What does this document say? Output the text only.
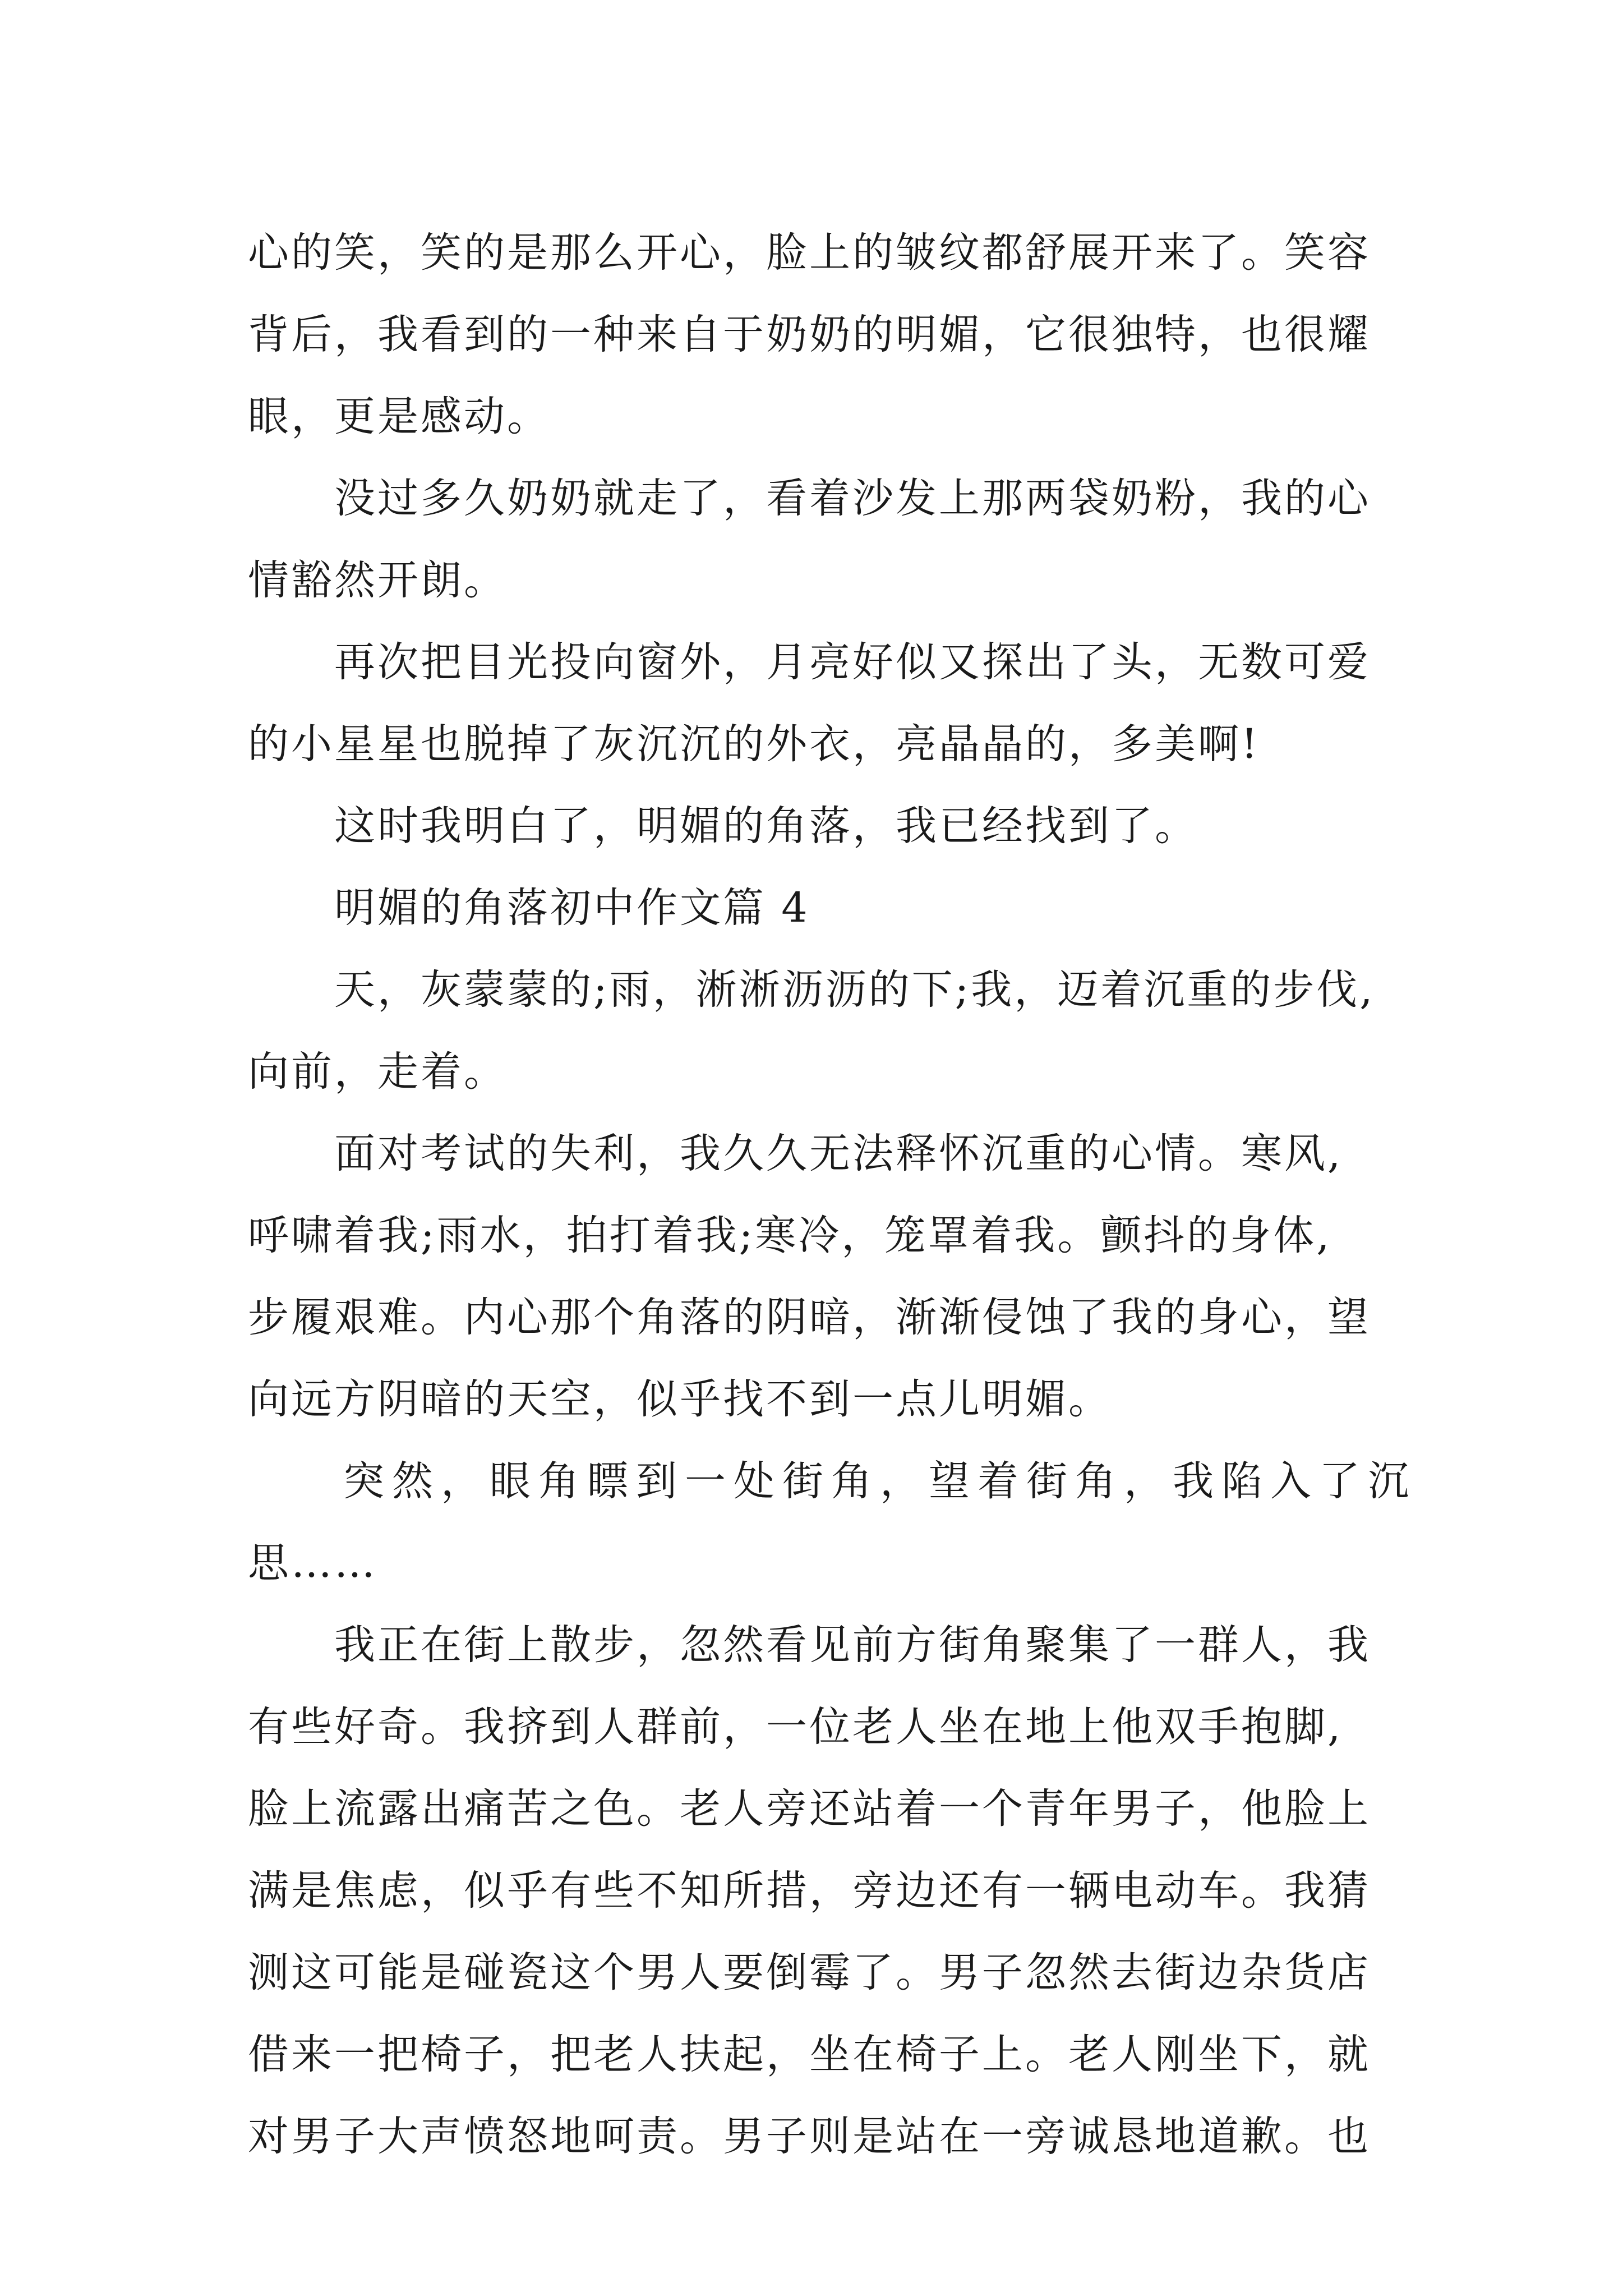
心的笑，笑的是那么开心，脸上的皱纹都舒展开来了。笑容
背后，我看到的一种来自于奶奶的明媚，它很独特，也很耀
眼，更是感动。
没过多久奶奶就走了，看着沙发上那两袋奶粉，我的心
情豁然开朗。
再次把目光投向窗外，月亮好似又探出了头，无数可爱
的小星星也脱掉了灰沉沉的外衣，亮晶晶的，多美啊!
这时我明白了，明媚的角落，我已经找到了。
明媚的角落初中作文篇 4
天，灰蒙蒙的;雨，淅淅沥沥的下;我，迈着沉重的步伐,
向前，走着。
面对考试的失利，我久久无法释怀沉重的心情。寒风,
呼啸着我;雨水，拍打着我;寒冷，笼罩着我。颤抖的身体,
步履艰难。内心那个角落的阴暗，渐渐侵蚀了我的身心，望
向远方阴暗的天空，似乎找不到一点儿明媚。
突然，眼角瞟到一处街角，望着街角，我陷入了沉
思……
我正在街上散步，忽然看见前方街角聚集了一群人，我
有些好奇。我挤到人群前，一位老人坐在地上他双手抱脚,
脸上流露出痛苦之色。老人旁还站着一个青年男子，他脸上
满是焦虑，似乎有些不知所措，旁边还有一辆电动车。我猜
测这可能是碰瓷这个男人要倒霉了。男子忽然去街边杂货店
借来一把椅子，把老人扶起，坐在椅子上。老人刚坐下，就
对男子大声愤怒地呵责。男子则是站在一旁诚恳地道歉。也
